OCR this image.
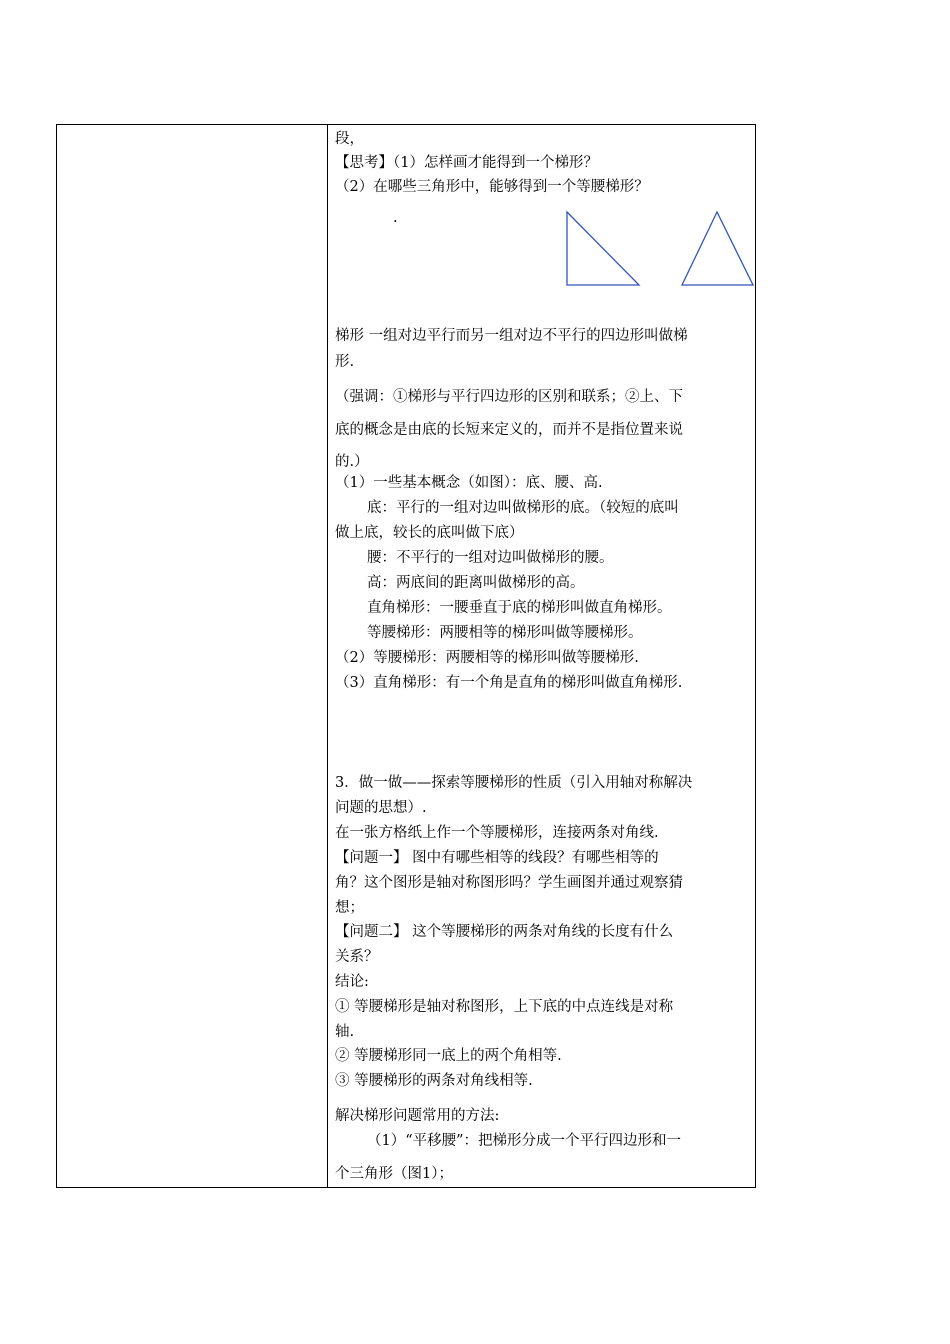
段，
【思考】（1）怎样画才能得到一个梯形？
（2）在哪些三角形中，能够得到一个等腰梯形？
.
梯形 一组对边平行而另一组对边不平行的四边形叫做梯
形.
（强调：①梯形与平行四边形的区别和联系；②上、下
底的概念是由底的长短来定义的，而并不是指位置来说
的.）
（1）一些基本概念（如图）：底、腰、高.
底：平行的一组对边叫做梯形的底。（较短的底叫
做上底，较长的底叫做下底）
腰：不平行的一组对边叫做梯形的腰。
高：两底间的距离叫做梯形的高。
直角梯形：一腰垂直于底的梯形叫做直角梯形。
等腰梯形：两腰相等的梯形叫做等腰梯形。
（2）等腰梯形：两腰相等的梯形叫做等腰梯形.
（3）直角梯形：有一个角是直角的梯形叫做直角梯形.
3．做一做——探索等腰梯形的性质（引入用轴对称解决
问题的思想）.
在一张方格纸上作一个等腰梯形，连接两条对角线.
【问题一】 图中有哪些相等的线段？有哪些相等的
角？这个图形是轴对称图形吗？学生画图并通过观察猜
想；
【问题二】 这个等腰梯形的两条对角线的长度有什么
关系？
结论:
① 等腰梯形是轴对称图形，上下底的中点连线是对称
轴.
② 等腰梯形同一底上的两个角相等.
③ 等腰梯形的两条对角线相等.
解决梯形问题常用的方法:
（1）“平移腰”：把梯形分成一个平行四边形和一
个三角形（图1）；
